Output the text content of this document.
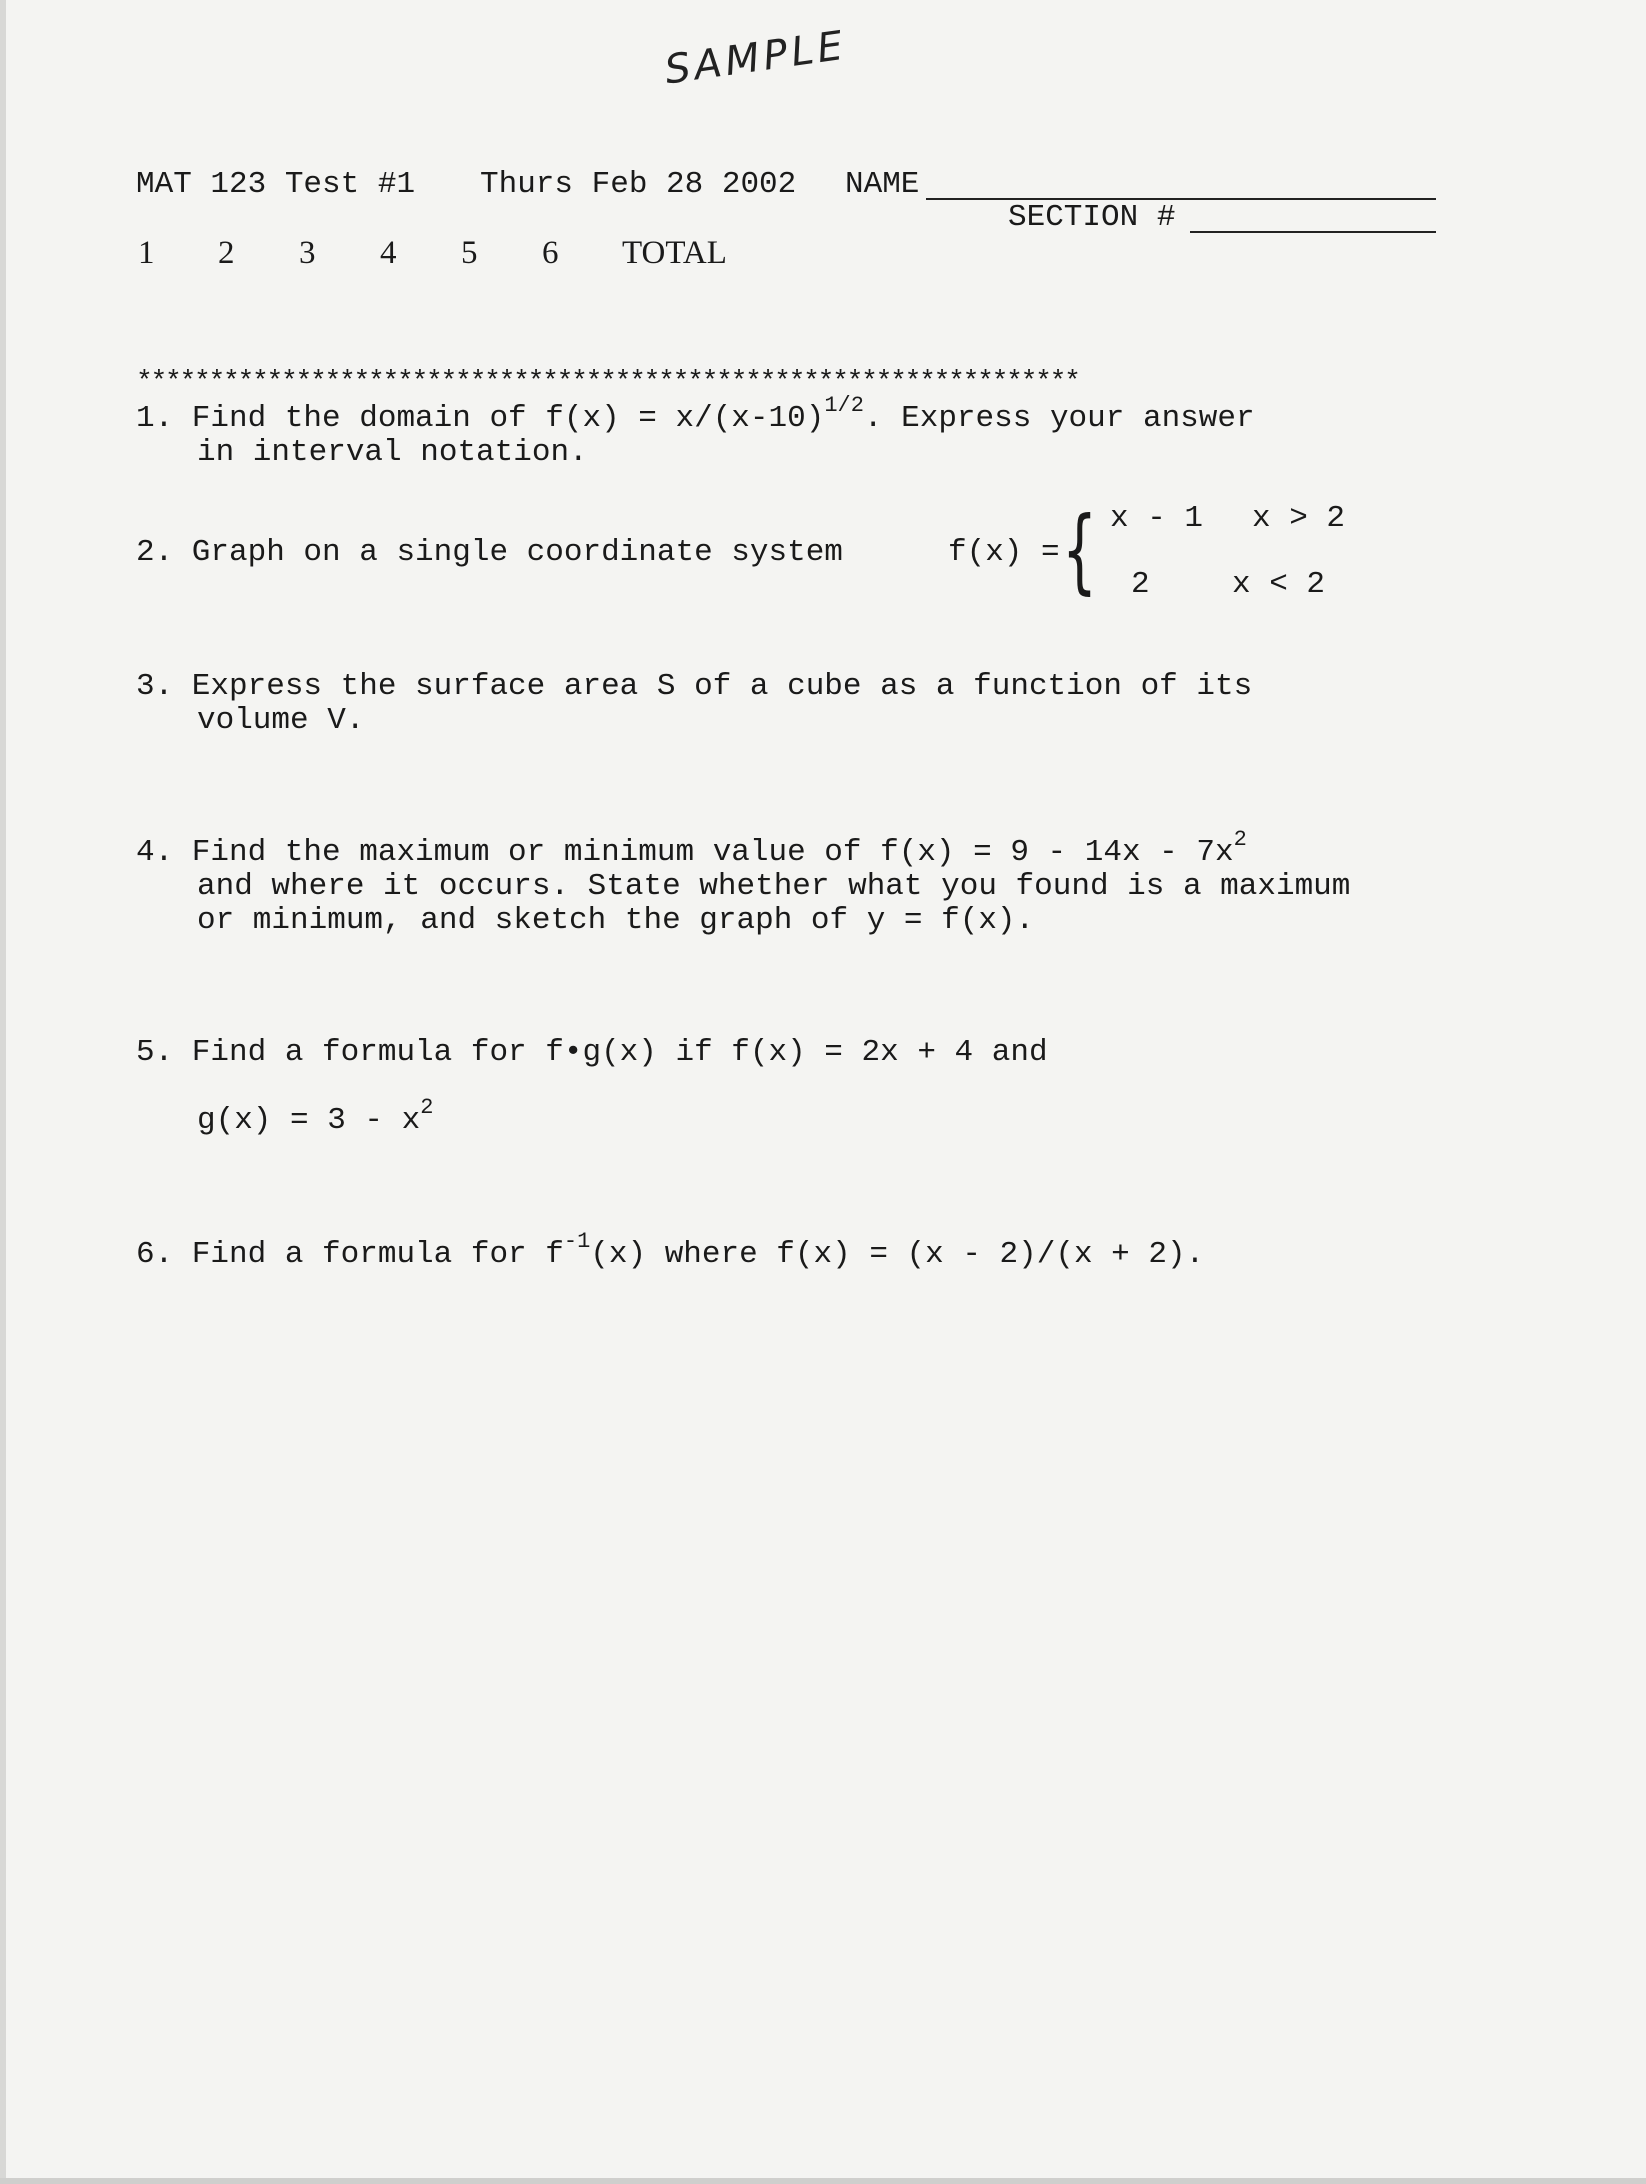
SAMPLE
MAT 123 Test #1 Thurs Feb 28 2002 NAME
SECTION #
1 2 3 4 5 6 TOTAL
*****************************************************************
1. Find the domain of $f(x) = x/(x-10)^{1/2}$. Express your answer
in interval notation.
2. Graph on a single coordinate system	f(x) = { x - 1 x > 2
2	x < 2
3. Express the surface area S of a cube as a function of its
volume V.
4. Find the maximum or minimum value of $f(x) = 9 - 14x - 7x^2$
and where it occurs. State whether what you found is a maximum
or minimum, and sketch the graph of y = f(x).
5. Find a formula for f•g(x) if f(x) = 2x + 4 and
$g(x) = 3 - x^2$
6. Find a formula for $f^{-1}(x)$ where f(x) = (x - 2)/(x + 2).
